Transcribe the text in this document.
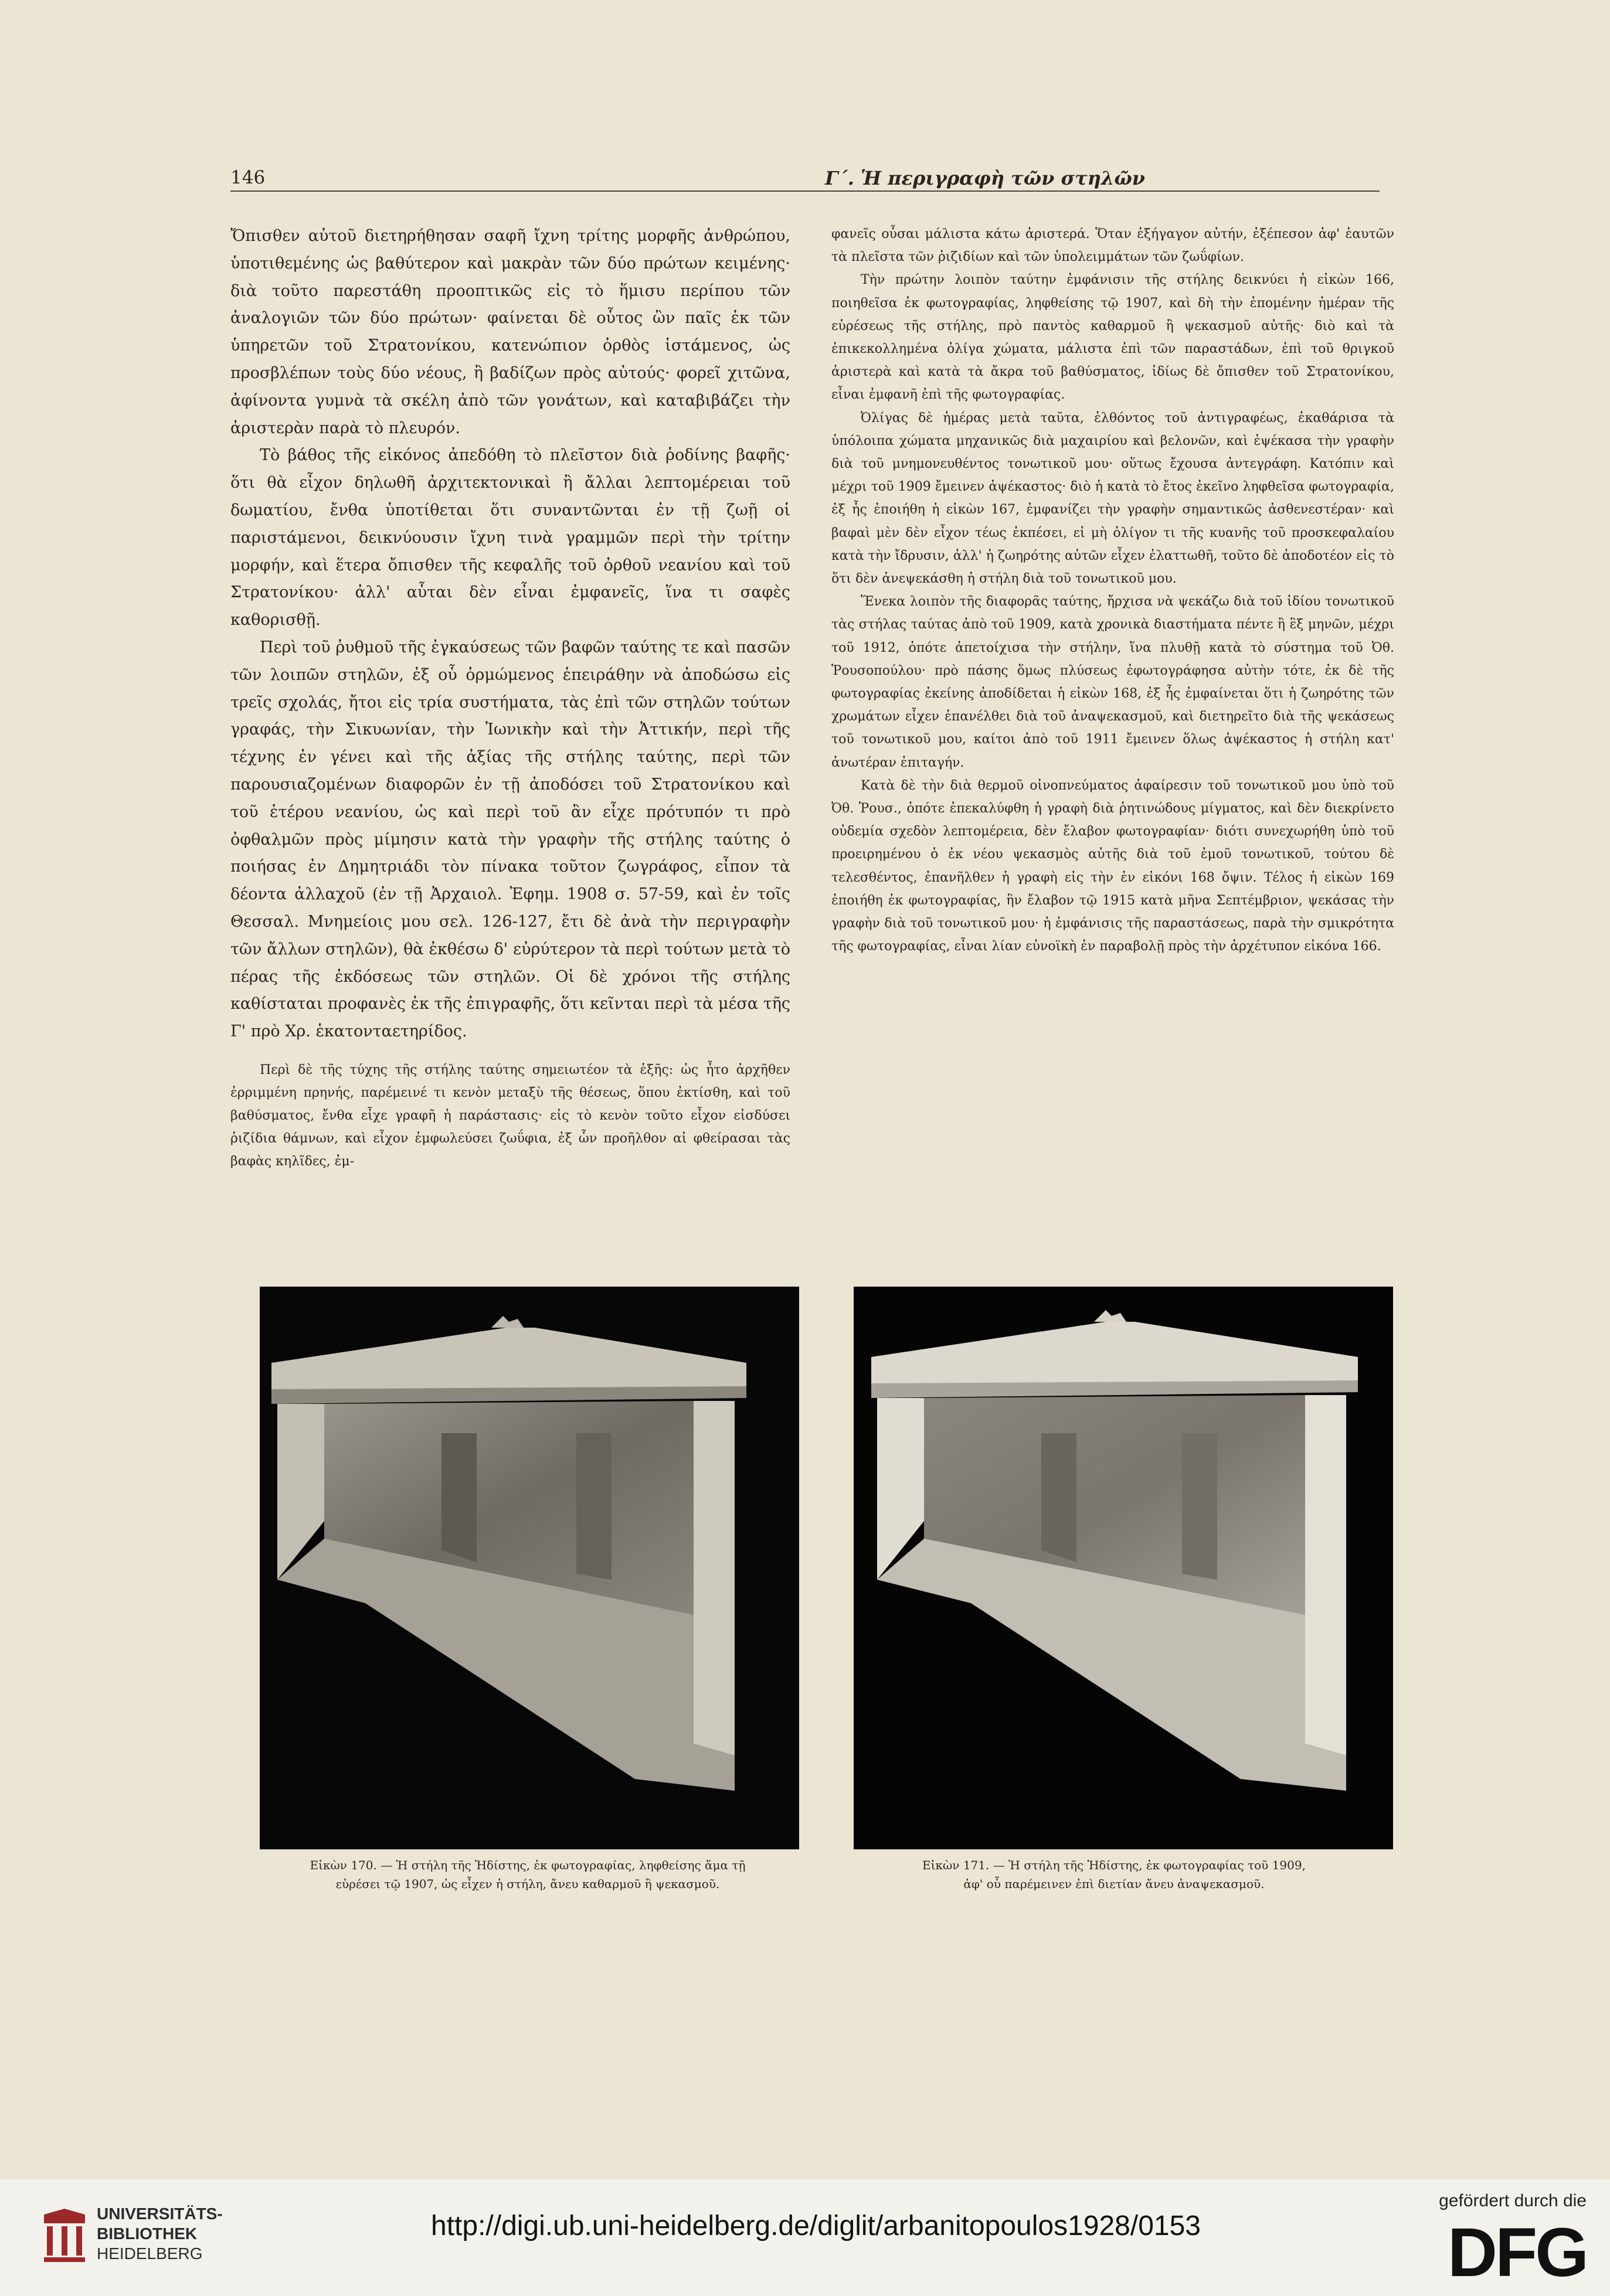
146	Γ΄. Ἡ περιγραφὴ τῶν στηλῶν

Ὄπισθεν αὐτοῦ διετηρήθησαν σαφῆ ἴχνη τρίτης μορφῆς ἀνθρώπου, ὑποτιθεμένης ὡς βαθύτερον καὶ μακρὰν τῶν δύο πρώτων κειμένης· διὰ τοῦτο παρεστάθη προοπτικῶς εἰς τὸ ἥμισυ περίπου τῶν ἀναλογιῶν τῶν δύο πρώτων· φαίνεται δὲ οὗτος ὢν παῖς ἐκ τῶν ὑπηρετῶν τοῦ Στρατονίκου, κατενώπιον ὀρθὸς ἱστάμενος, ὡς προσβλέπων τοὺς δύο νέους, ἢ βαδίζων πρὸς αὐτούς· φορεῖ χιτῶνα, ἀφίνοντα γυμνὰ τὰ σκέλη ἀπὸ τῶν γονάτων, καὶ καταβιβάζει τὴν ἀριστερὰν παρὰ τὸ πλευρόν.

Τὸ βάθος τῆς εἰκόνος ἀπεδόθη τὸ πλεῖστον διὰ ῥοδίνης βαφῆς· ὅτι θὰ εἶχον δηλωθῆ ἀρχιτεκτονικαὶ ἢ ἄλλαι λεπτομέρειαι τοῦ δωματίου, ἔνθα ὑποτίθεται ὅτι συναντῶνται ἐν τῇ ζωῇ οἱ παριστάμενοι, δεικνύουσιν ἴχνη τινὰ γραμμῶν περὶ τὴν τρίτην μορφήν, καὶ ἕτερα ὄπισθεν τῆς κεφαλῆς τοῦ ὀρθοῦ νεανίου καὶ τοῦ Στρατονίκου· ἀλλ' αὗται δὲν εἶναι ἐμφανεῖς, ἵνα τι σαφὲς καθορισθῇ.

Περὶ τοῦ ῥυθμοῦ τῆς ἐγκαύσεως τῶν βαφῶν ταύτης τε καὶ πασῶν τῶν λοιπῶν στηλῶν, ἐξ οὗ ὁρμώμενος ἐπειράθην νὰ ἀποδώσω εἰς τρεῖς σχολάς, ἤτοι εἰς τρία συστήματα, τὰς ἐπὶ τῶν στηλῶν τούτων γραφάς, τὴν Σικυωνίαν, τὴν Ἰωνικὴν καὶ τὴν Ἀττικήν, περὶ τῆς τέχνης ἐν γένει καὶ τῆς ἀξίας τῆς στήλης ταύτης, περὶ τῶν παρουσιαζομένων διαφορῶν ἐν τῇ ἀποδόσει τοῦ Στρατονίκου καὶ τοῦ ἑτέρου νεανίου, ὡς καὶ περὶ τοῦ ἂν εἶχε πρότυπόν τι πρὸ ὀφθαλμῶν πρὸς μίμησιν κατὰ τὴν γραφὴν τῆς στήλης ταύτης ὁ ποιήσας ἐν Δημητριάδι τὸν πίνακα τοῦτον ζωγράφος, εἶπον τὰ δέοντα ἀλλαχοῦ (ἐν τῇ Ἀρχαιολ. Ἐφημ. 1908 σ. 57-59, καὶ ἐν τοῖς Θεσσαλ. Μνημείοις μου σελ. 126-127, ἔτι δὲ ἀνὰ τὴν περιγραφὴν τῶν ἄλλων στηλῶν), θὰ ἐκθέσω δ' εὐρύτερον τὰ περὶ τούτων μετὰ τὸ πέρας τῆς ἐκδόσεως τῶν στηλῶν. Οἱ δὲ χρόνοι τῆς στήλης καθίσταται προφανὲς ἐκ τῆς ἐπιγραφῆς, ὅτι κεῖνται περὶ τὰ μέσα τῆς Γ' πρὸ Χρ. ἑκατονταετηρίδος.

Περὶ δὲ τῆς τύχης τῆς στήλης ταύτης σημειωτέον τὰ ἑξῆς: ὡς ἦτο ἀρχῆθεν ἐρριμμένη πρηνής, παρέμεινέ τι κενὸν μεταξὺ τῆς θέσεως, ὅπου ἐκτίσθη, καὶ τοῦ βαθύσματος, ἔνθα εἶχε γραφῆ ἡ παράστασις· εἰς τὸ κενὸν τοῦτο εἶχον εἰσδύσει ῥιζίδια θάμνων, καὶ εἶχον ἐμφωλεύσει ζωΰφια, ἐξ ὧν προῆλθον αἱ φθείρασαι τὰς βαφὰς κηλῖδες, ἐμ-

φανεῖς οὖσαι μάλιστα κάτω ἀριστερά. Ὅταν ἐξήγαγον αὐτήν, ἐξέπεσον ἀφ' ἑαυτῶν τὰ πλεῖστα τῶν ῥιζιδίων καὶ τῶν ὑπολειμμάτων τῶν ζωΰφίων.

Τὴν πρώτην λοιπὸν ταύτην ἐμφάνισιν τῆς στήλης δεικνύει ἡ εἰκὼν 166, ποιηθεῖσα ἐκ φωτογραφίας, ληφθείσης τῷ 1907, καὶ δὴ τὴν ἐπομένην ἡμέραν τῆς εὑρέσεως τῆς στήλης, πρὸ παντὸς καθαρμοῦ ἢ ψεκασμοῦ αὐτῆς· διὸ καὶ τὰ ἐπικεκολλημένα ὀλίγα χώματα, μάλιστα ἐπὶ τῶν παραστάδων, ἐπὶ τοῦ θριγκοῦ ἀριστερὰ καὶ κατὰ τὰ ἄκρα τοῦ βαθύσματος, ἰδίως δὲ ὄπισθεν τοῦ Στρατονίκου, εἶναι ἐμφανῆ ἐπὶ τῆς φωτογραφίας.

Ὀλίγας δὲ ἡμέρας μετὰ ταῦτα, ἐλθόντος τοῦ ἀντιγραφέως, ἐκαθάρισα τὰ ὑπόλοιπα χώματα μηχανικῶς διὰ μαχαιρίου καὶ βελονῶν, καὶ ἐψέκασα τὴν γραφὴν διὰ τοῦ μνημονευθέντος τονωτικοῦ μου· οὕτως ἔχουσα ἀντεγράφη. Κατόπιν καὶ μέχρι τοῦ 1909 ἔμεινεν ἀψέκαστος· διὸ ἡ κατὰ τὸ ἔτος ἐκεῖνο ληφθεῖσα φωτογραφία, ἐξ ἧς ἐποιήθη ἡ εἰκὼν 167, ἐμφανίζει τὴν γραφὴν σημαντικῶς ἀσθενεστέραν· καὶ βαφαὶ μὲν δὲν εἶχον τέως ἐκπέσει, εἰ μὴ ὀλίγον τι τῆς κυανῆς τοῦ προσκεφαλαίου κατὰ τὴν ἴδρυσιν, ἀλλ' ἡ ζωηρότης αὐτῶν εἶχεν ἐλαττωθῆ, τοῦτο δὲ ἀποδοτέον εἰς τὸ ὅτι δὲν ἀνεψεκάσθη ἡ στήλη διὰ τοῦ τονωτικοῦ μου.

Ἕνεκα λοιπὸν τῆς διαφορᾶς ταύτης, ἤρχισα νὰ ψεκάζω διὰ τοῦ ἰδίου τονωτικοῦ τὰς στήλας ταύτας ἀπὸ τοῦ 1909, κατὰ χρονικὰ διαστήματα πέντε ἢ ἓξ μηνῶν, μέχρι τοῦ 1912, ὁπότε ἀπετοίχισα τὴν στήλην, ἵνα πλυθῇ κατὰ τὸ σύστημα τοῦ Ὀθ. Ῥουσοπούλου· πρὸ πάσης ὅμως πλύσεως ἐφωτογράφησα αὐτὴν τότε, ἐκ δὲ τῆς φωτογραφίας ἐκείνης ἀποδίδεται ἡ εἰκὼν 168, ἐξ ἧς ἐμφαίνεται ὅτι ἡ ζωηρότης τῶν χρωμάτων εἶχεν ἐπανέλθει διὰ τοῦ ἀναψεκασμοῦ, καὶ διετηρεῖτο διὰ τῆς ψεκάσεως τοῦ τονωτικοῦ μου, καίτοι ἀπὸ τοῦ 1911 ἔμεινεν ὅλως ἀψέκαστος ἡ στήλη κατ' ἀνωτέραν ἐπιταγήν.

Κατὰ δὲ τὴν διὰ θερμοῦ οἰνοπνεύματος ἀφαίρεσιν τοῦ τονωτικοῦ μου ὑπὸ τοῦ Ὀθ. Ῥουσ., ὁπότε ἐπεκαλύφθη ἡ γραφὴ διὰ ῥητινώδους μίγματος, καὶ δὲν διεκρίνετο οὐδεμία σχεδὸν λεπτομέρεια, δὲν ἔλαβον φωτογραφίαν· διότι συνεχωρήθη ὑπὸ τοῦ προειρημένου ὁ ἐκ νέου ψεκασμὸς αὐτῆς διὰ τοῦ ἐμοῦ τονωτικοῦ, τούτου δὲ τελεσθέντος, ἐπανῆλθεν ἡ γραφὴ εἰς τὴν ἐν εἰκόνι 168 ὄψιν. Τέλος ἡ εἰκὼν 169 ἐποιήθη ἐκ φωτογραφίας, ἣν ἔλαβον τῷ 1915 κατὰ μῆνα Σεπτέμβριον, ψεκάσας τὴν γραφὴν διὰ τοῦ τονωτικοῦ μου· ἡ ἐμφάνισις τῆς παραστάσεως, παρὰ τὴν σμικρότητα τῆς φωτογραφίας, εἶναι λίαν εὐνοϊκὴ ἐν παραβολῇ πρὸς τὴν ἀρχέτυπον εἰκόνα 166.

Εἰκὼν 170. — Ἡ στήλη τῆς Ἡδίστης, ἐκ φωτογραφίας, ληφθείσης ἅμα τῇ
εὑρέσει τῷ 1907, ὡς εἶχεν ἡ στήλη, ἄνευ καθαρμοῦ ἢ ψεκασμοῦ.
Εἰκὼν 171. — Ἡ στήλη τῆς Ἡδίστης, ἐκ φωτογραφίας τοῦ 1909,
ἀφ' οὗ παρέμεινεν ἐπὶ διετίαν ἄνευ ἀναψεκασμοῦ.
UNIVERSITÄTS-
BIBLIOTHEK
HEIDELBERG
http://digi.ub.uni-heidelberg.de/diglit/arbanitopoulos1928/0153
gefördert durch die
DFG
